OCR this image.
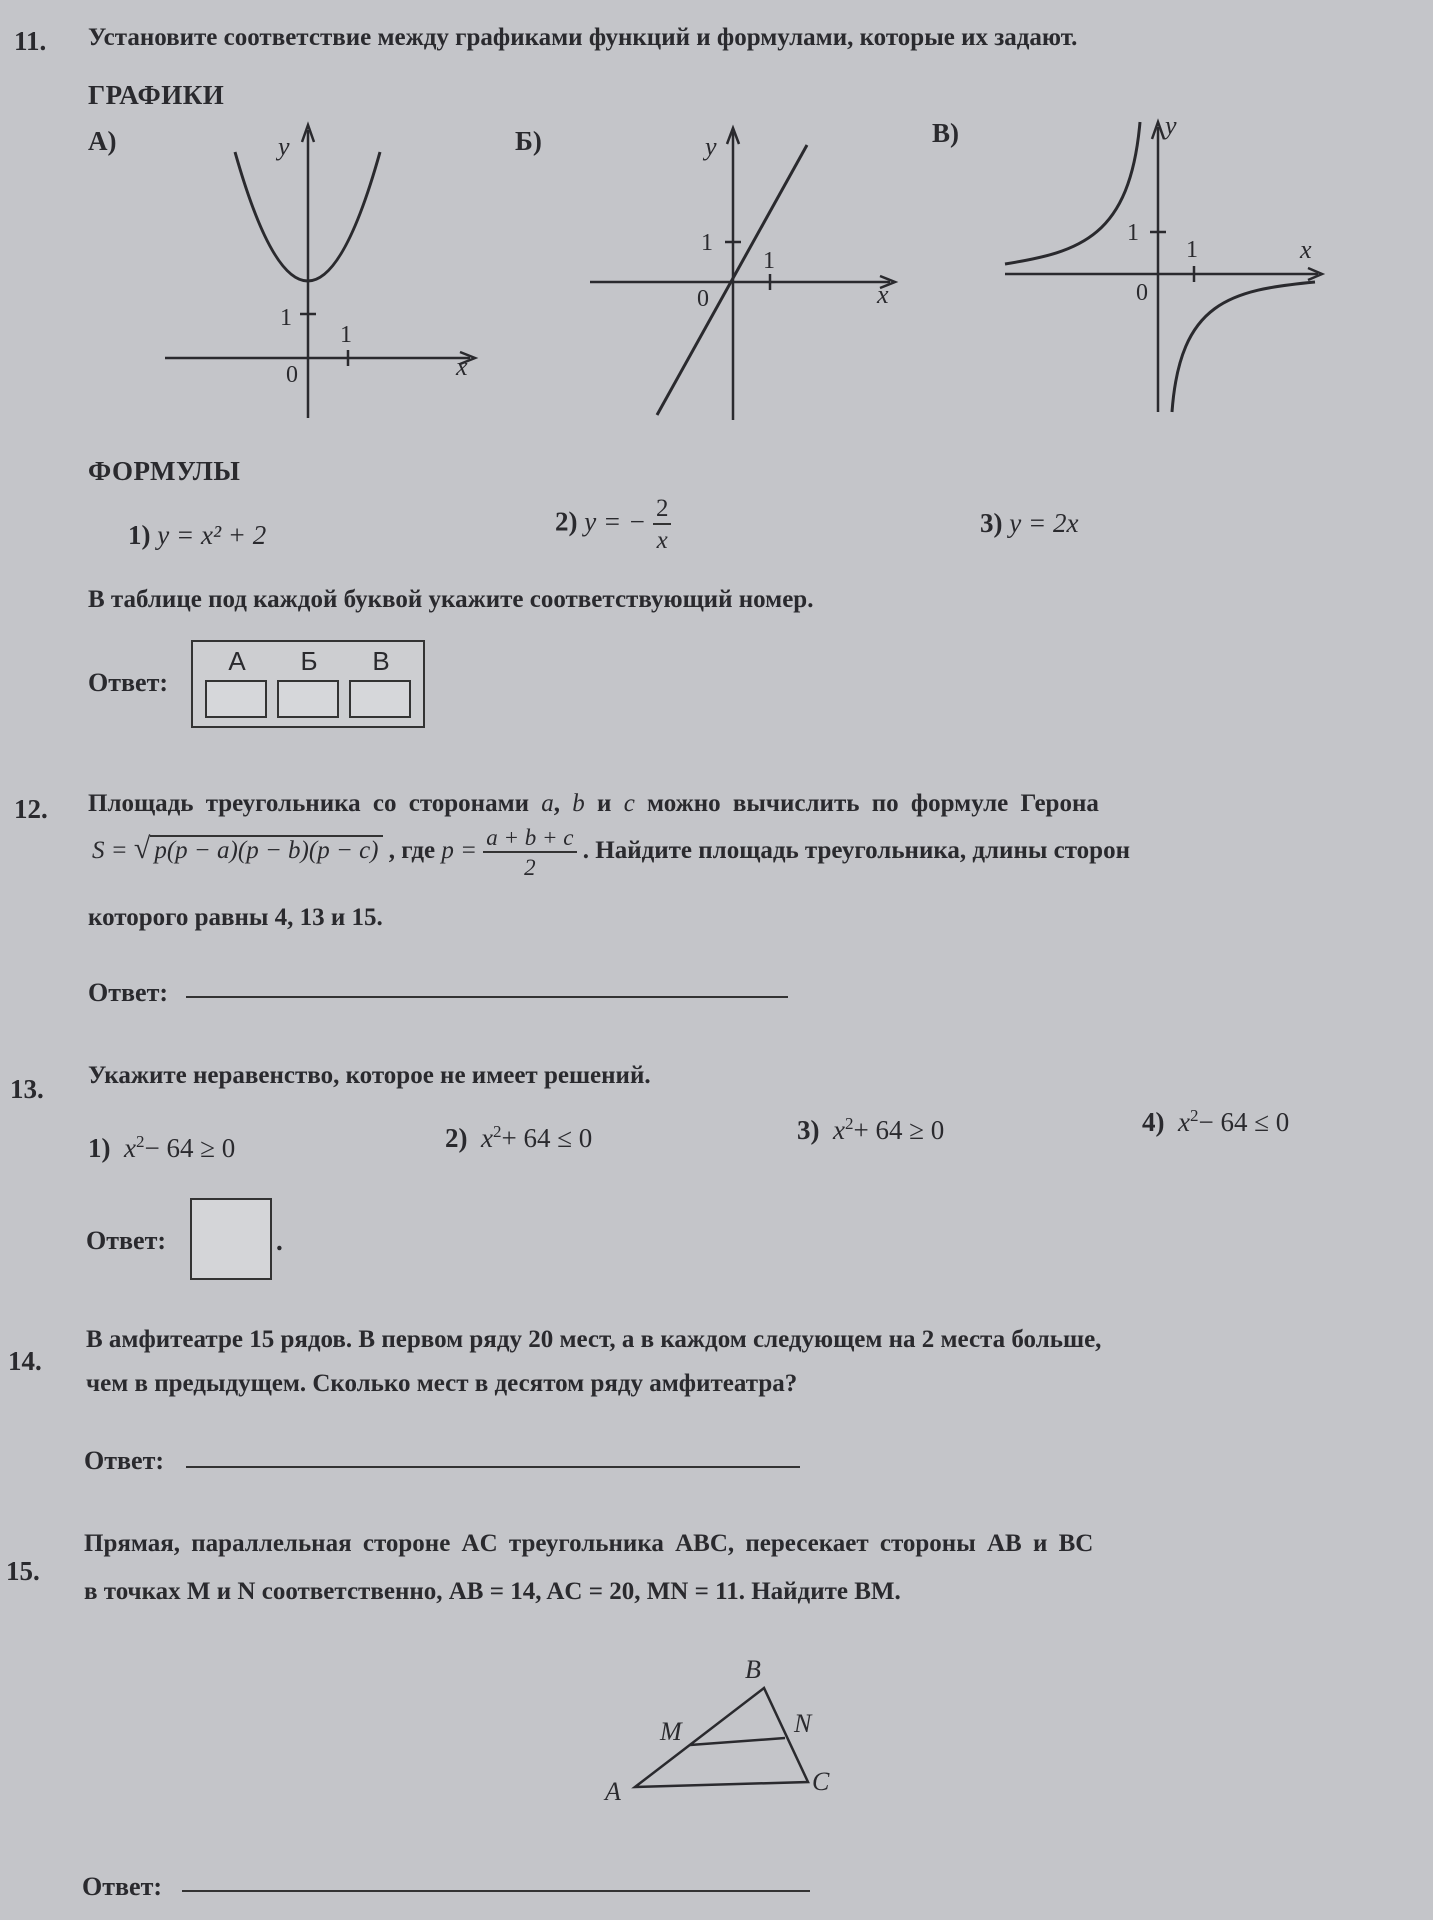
11. Установите соответствие между графиками функций и формулами, которые их задают.
ГРАФИКИ
А)	Б)	В)
y
x
1
1
0
y
x
1
1
0
y
x
1
1
0
ФОРМУЛЫ
1) y = x² + 2	2) y = − $\frac{2}{x}$	3) y = 2x
В таблице под каждой буквой укажите соответствующий номер.
Ответ:
А	Б	В
12. Площадь треугольника со сторонами a, b и c можно вычислить по формуле Герона
S = √ p(p − a)(p − b)(p − c) , где $p = \frac{a + b + c}{2}$ . Найдите площадь треугольника, длины сторон
которого равны 4, 13 и 15.
Ответ:
13. Укажите неравенство, которое не имеет решений.
1) $x^2- 64 \ge 0$	2) $x^2+ 64 \le 0$	3) $x^2+ 64 \ge 0$	4) $x^2- 64 \le 0$
Ответ:	.
14.
В амфитеатре 15 рядов. В первом ряду 20 мест, а в каждом следующем на 2 места больше,
чем в предыдущем. Сколько мест в десятом ряду амфитеатра?
Ответ:
15.
Прямая, параллельная стороне AC треугольника ABC, пересекает стороны AB и BC
в точках M и N соответственно, AB = 14, AC = 20, MN = 11. Найдите BM.
B
M	N
A	C
Ответ:
